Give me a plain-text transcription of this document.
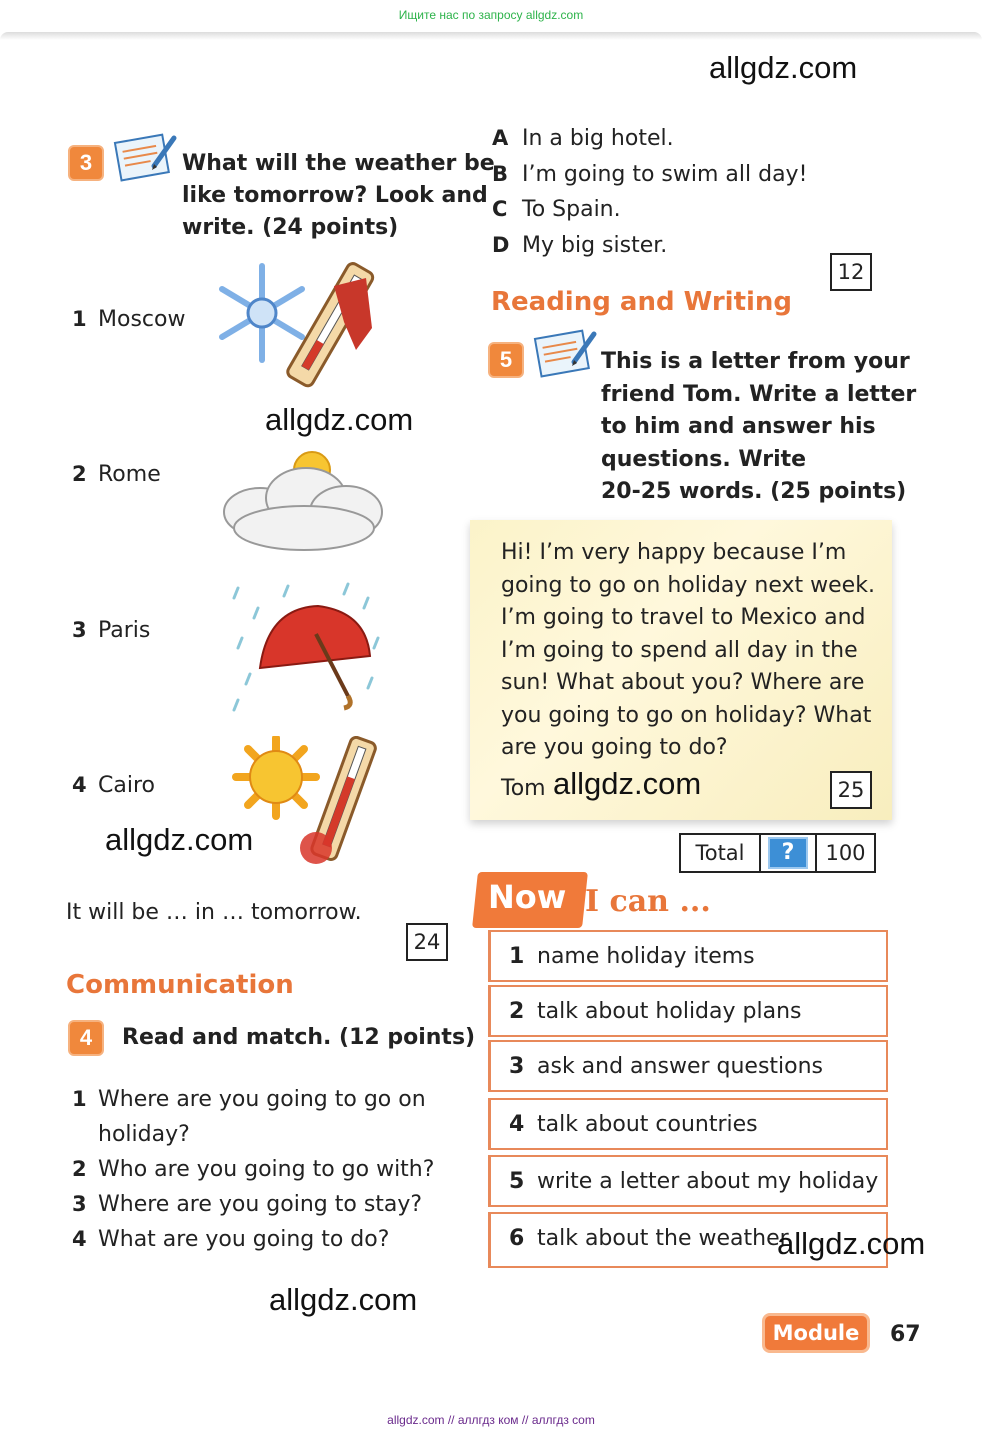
Ищите нас по запросу allgdz.com
allgdz.com
allgdz.com
allgdz.com
allgdz.com
3	What will the weather be
like tomorrow? Look and
write. (24 points)
1 Moscow
2 Rome
3 Paris
4 Cairo
It will be … in … tomorrow.
24
Communication
4	Read and match. (12 points)
1 Where are you going to go on
holiday?
2 Who are you going to go with?
3 Where are you going to stay?
4 What are you going to do?
A In a big hotel.
B I’m going to swim all day!
C To Spain.
D My big sister.
12
Reading and Writing
5	This is a letter from your
friend Tom. Write a letter
to him and answer his
questions. Write
20-25 words. (25 points)
Hi! I’m very happy because I’m
going to go on holiday next week.
I’m going to travel to Mexico and
I’m going to spend all day in the
sun! What about you? Where are
you going to go on holiday? What
are you going to do?
Tom allgdz.com	25
Total	?	100
Now I can ...
1 name holiday items
2 talk about holiday plans
3 ask and answer questions
4 talk about countries
5 write a letter about my holiday
6 talk about the weather
allgdz.com
Module 8
67
allgdz.com // аллгдз ком // аллгдз com
